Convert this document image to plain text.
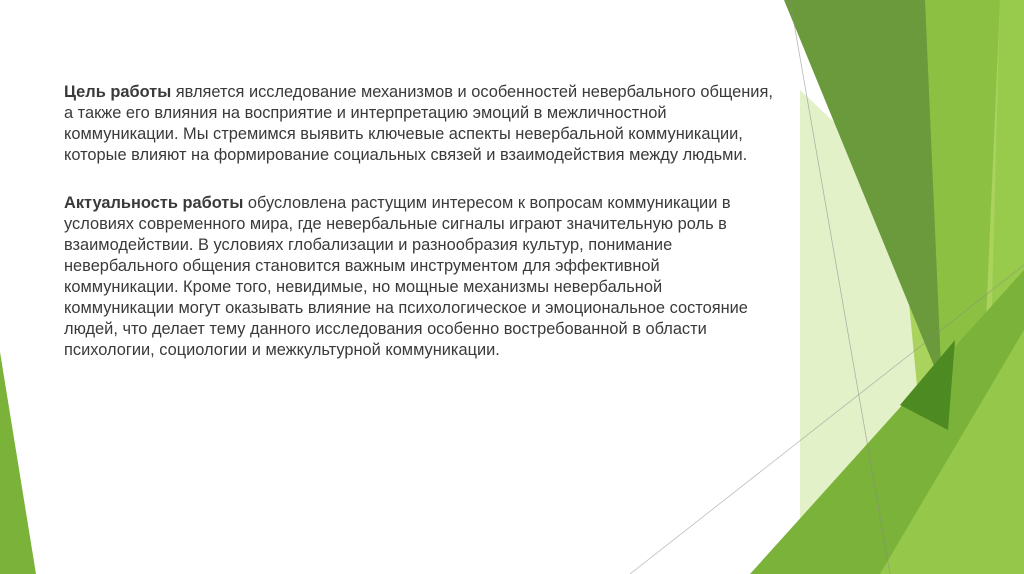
Цель работы является исследование механизмов и особенностей невербального общения, а также его влияния на восприятие и интерпретацию эмоций в межличностной коммуникации. Мы стремимся выявить ключевые аспекты невербальной коммуникации, которые влияют на формирование социальных связей и взаимодействия между людьми.

Актуальность работы обусловлена растущим интересом к вопросам коммуникации в условиях современного мира, где невербальные сигналы играют значительную роль в взаимодействии. В условиях глобализации и разнообразия культур, понимание невербального общения становится важным инструментом для эффективной коммуникации. Кроме того, невидимые, но мощные механизмы невербальной коммуникации могут оказывать влияние на психологическое и эмоциональное состояние людей, что делает тему данного исследования особенно востребованной в области психологии, социологии и межкультурной коммуникации.
